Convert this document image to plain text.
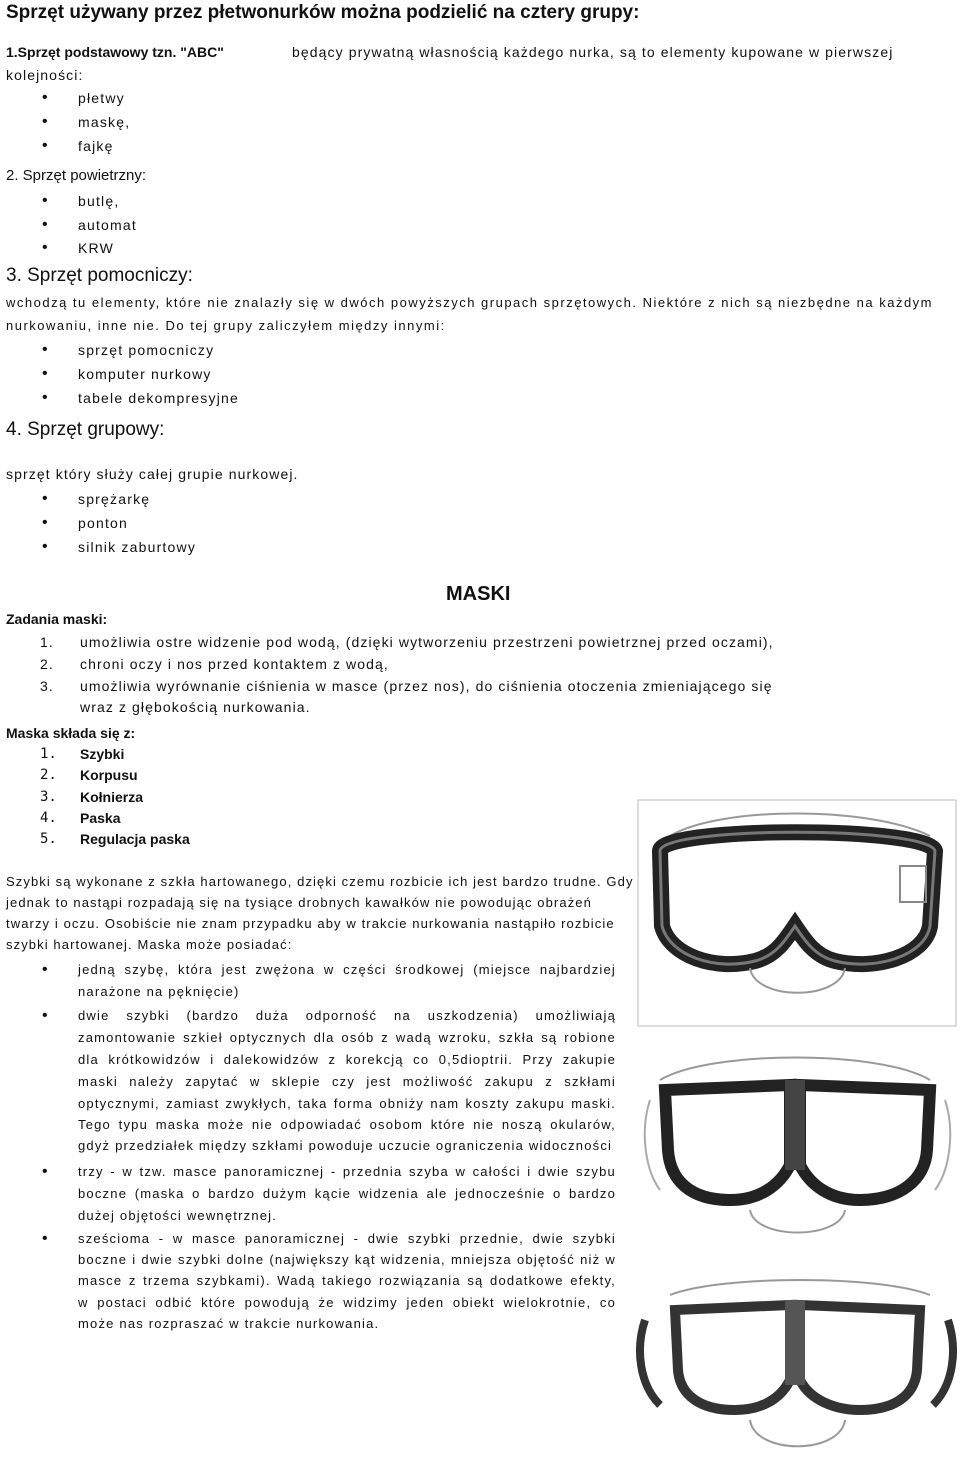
Sprzęt używany przez płetwonurków można podzielić na cztery grupy:
1.Sprzęt podstawowy tzn. "ABC"	będący prywatną własnością każdego nurka, są to elementy kupowane w pierwszej
kolejności:
• płetwy
• maskę,
• fajkę
2. Sprzęt powietrzny:
• butlę,
• automat
• KRW
3. Sprzęt pomocniczy:
wchodzą tu elementy, które nie znalazły się w dwóch powyższych grupach sprzętowych. Niektóre z nich są niezbędne na każdym
nurkowaniu, inne nie. Do tej grupy zaliczyłem między innymi:
• sprzęt pomocniczy
• komputer nurkowy
• tabele dekompresyjne
4. Sprzęt grupowy:
sprzęt który służy całej grupie nurkowej.
• sprężarkę
• ponton
• silnik zaburtowy
MASKI
Zadania maski:
1. umożliwia ostre widzenie pod wodą, (dzięki wytworzeniu przestrzeni powietrznej przed oczami),
2. chroni oczy i nos przed kontaktem z wodą,
3. umożliwia wyrównanie ciśnienia w masce (przez nos), do ciśnienia otoczenia zmieniającego się
wraz z głębokością nurkowania.
Maska składa się z:
1. Szybki
2. Korpusu
3. Kołnierza
4. Paska
5. Regulacja paska
Szybki są wykonane z szkła hartowanego, dzięki czemu rozbicie ich jest bardzo trudne. Gdy
jednak to nastąpi rozpadają się na tysiące drobnych kawałków nie powodując obrażeń
twarzy i oczu. Osobiście nie znam przypadku aby w trakcie nurkowania nastąpiło rozbicie
szybki hartowanej. Maska może posiadać:
• jedną szybę, która jest zwężona w części środkowej (miejsce najbardziej
narażone na pęknięcie)
• dwie szybki (bardzo duża odporność na uszkodzenia) umożliwiają
zamontowanie szkieł optycznych dla osób z wadą wzroku, szkła są robione
dla krótkowidzów i dalekowidzów z korekcją co 0,5dioptrii. Przy zakupie
maski należy zapytać w sklepie czy jest możliwość zakupu z szkłami
optycznymi, zamiast zwykłych, taka forma obniży nam koszty zakupu maski.
Tego typu maska może nie odpowiadać osobom które nie noszą okularów,
gdyż przedziałek między szkłami powoduje uczucie ograniczenia widoczności
• trzy - w tzw. masce panoramicznej - przednia szyba w całości i dwie szybu
boczne (maska o bardzo dużym kącie widzenia ale jednocześnie o bardzo
dużej objętości wewnętrznej.
• sześcioma - w masce panoramicznej - dwie szybki przednie, dwie szybki
boczne i dwie szybki dolne (największy kąt widzenia, mniejsza objętość niż w
masce z trzema szybkami). Wadą takiego rozwiązania są dodatkowe efekty,
w postaci odbić które powodują że widzimy jeden obiekt wielokrotnie, co
może nas rozpraszać w trakcie nurkowania.
